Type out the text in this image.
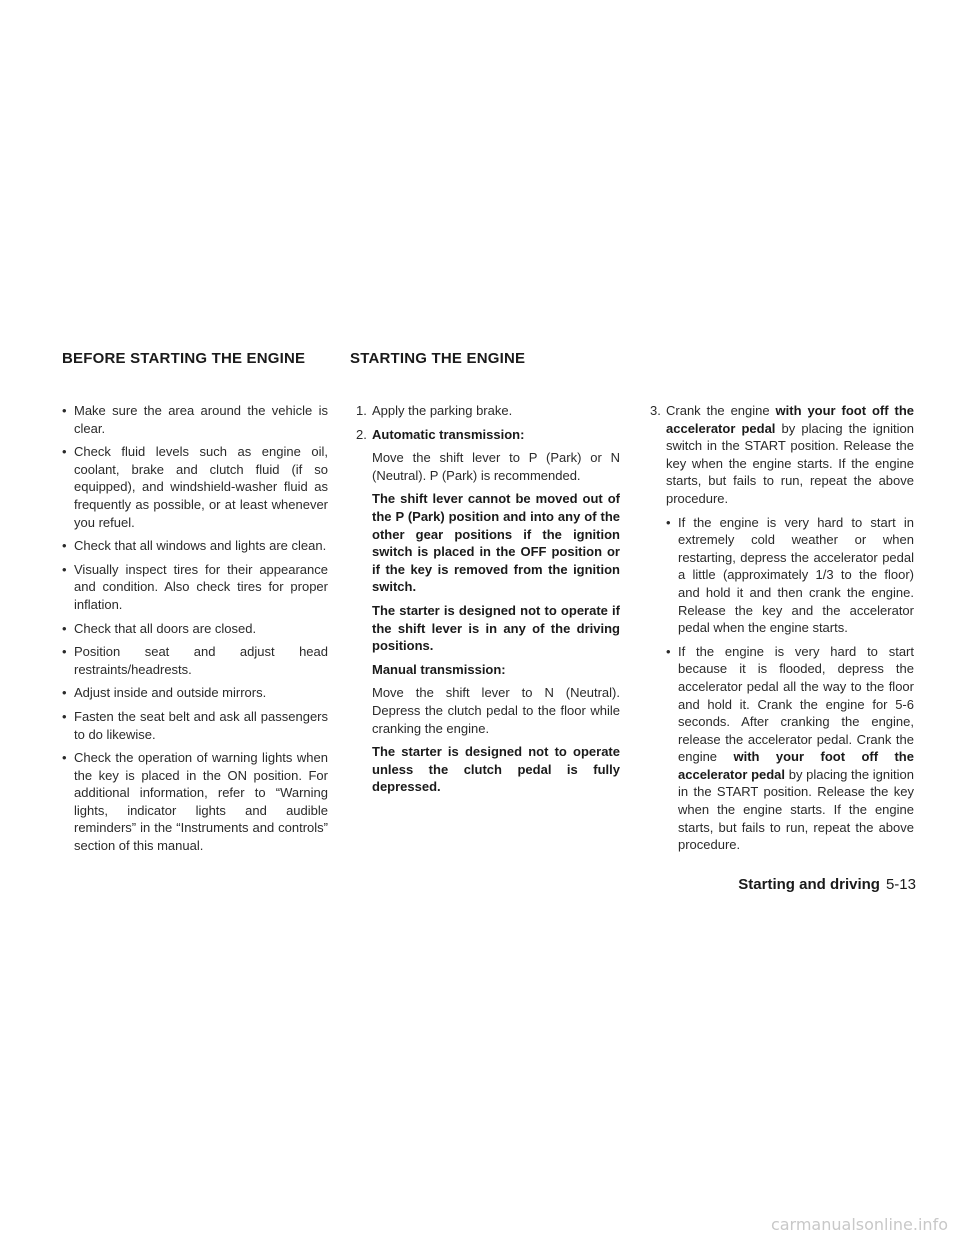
BEFORE STARTING THE ENGINE	STARTING THE ENGINE
• Make sure the area around the vehicle is clear.
• Check fluid levels such as engine oil, coolant, brake and clutch fluid (if so equipped), and windshield-washer fluid as frequently as possible, or at least whenever you refuel.
• Check that all windows and lights are clean.
• Visually inspect tires for their appearance and condition. Also check tires for proper inflation.
• Check that all doors are closed.
• Position seat and adjust head restraints/headrests.
• Adjust inside and outside mirrors.
• Fasten the seat belt and ask all passengers to do likewise.
• Check the operation of warning lights when the key is placed in the ON position. For additional information, refer to “Warning lights, indicator lights and audible reminders” in the “Instruments and controls” section of this manual.
1. Apply the parking brake.
2. Automatic transmission:

Move the shift lever to P (Park) or N (Neutral). P (Park) is recommended.

The shift lever cannot be moved out of the P (Park) position and into any of the other gear positions if the ignition switch is placed in the OFF position or if the key is removed from the ignition switch.

The starter is designed not to operate if the shift lever is in any of the driving positions.

Manual transmission:

Move the shift lever to N (Neutral). Depress the clutch pedal to the floor while cranking the engine.

The starter is designed not to operate unless the clutch pedal is fully depressed.

3. Crank the engine with your foot off the accelerator pedal by placing the ignition switch in the START position. Release the key when the engine starts. If the engine starts, but fails to run, repeat the above procedure.
• If the engine is very hard to start in extremely cold weather or when restarting, depress the accelerator pedal a little (approximately 1/3 to the floor) and hold it and then crank the engine. Release the key and the accelerator pedal when the engine starts.
• If the engine is very hard to start because it is flooded, depress the accelerator pedal all the way to the floor and hold it. Crank the engine for 5-6 seconds. After cranking the engine, release the accelerator pedal. Crank the engine with your foot off the accelerator pedal by placing the ignition in the START position. Release the key when the engine starts. If the engine starts, but fails to run, repeat the above procedure.
Starting and driving 5-13
carmanualsonline.info
